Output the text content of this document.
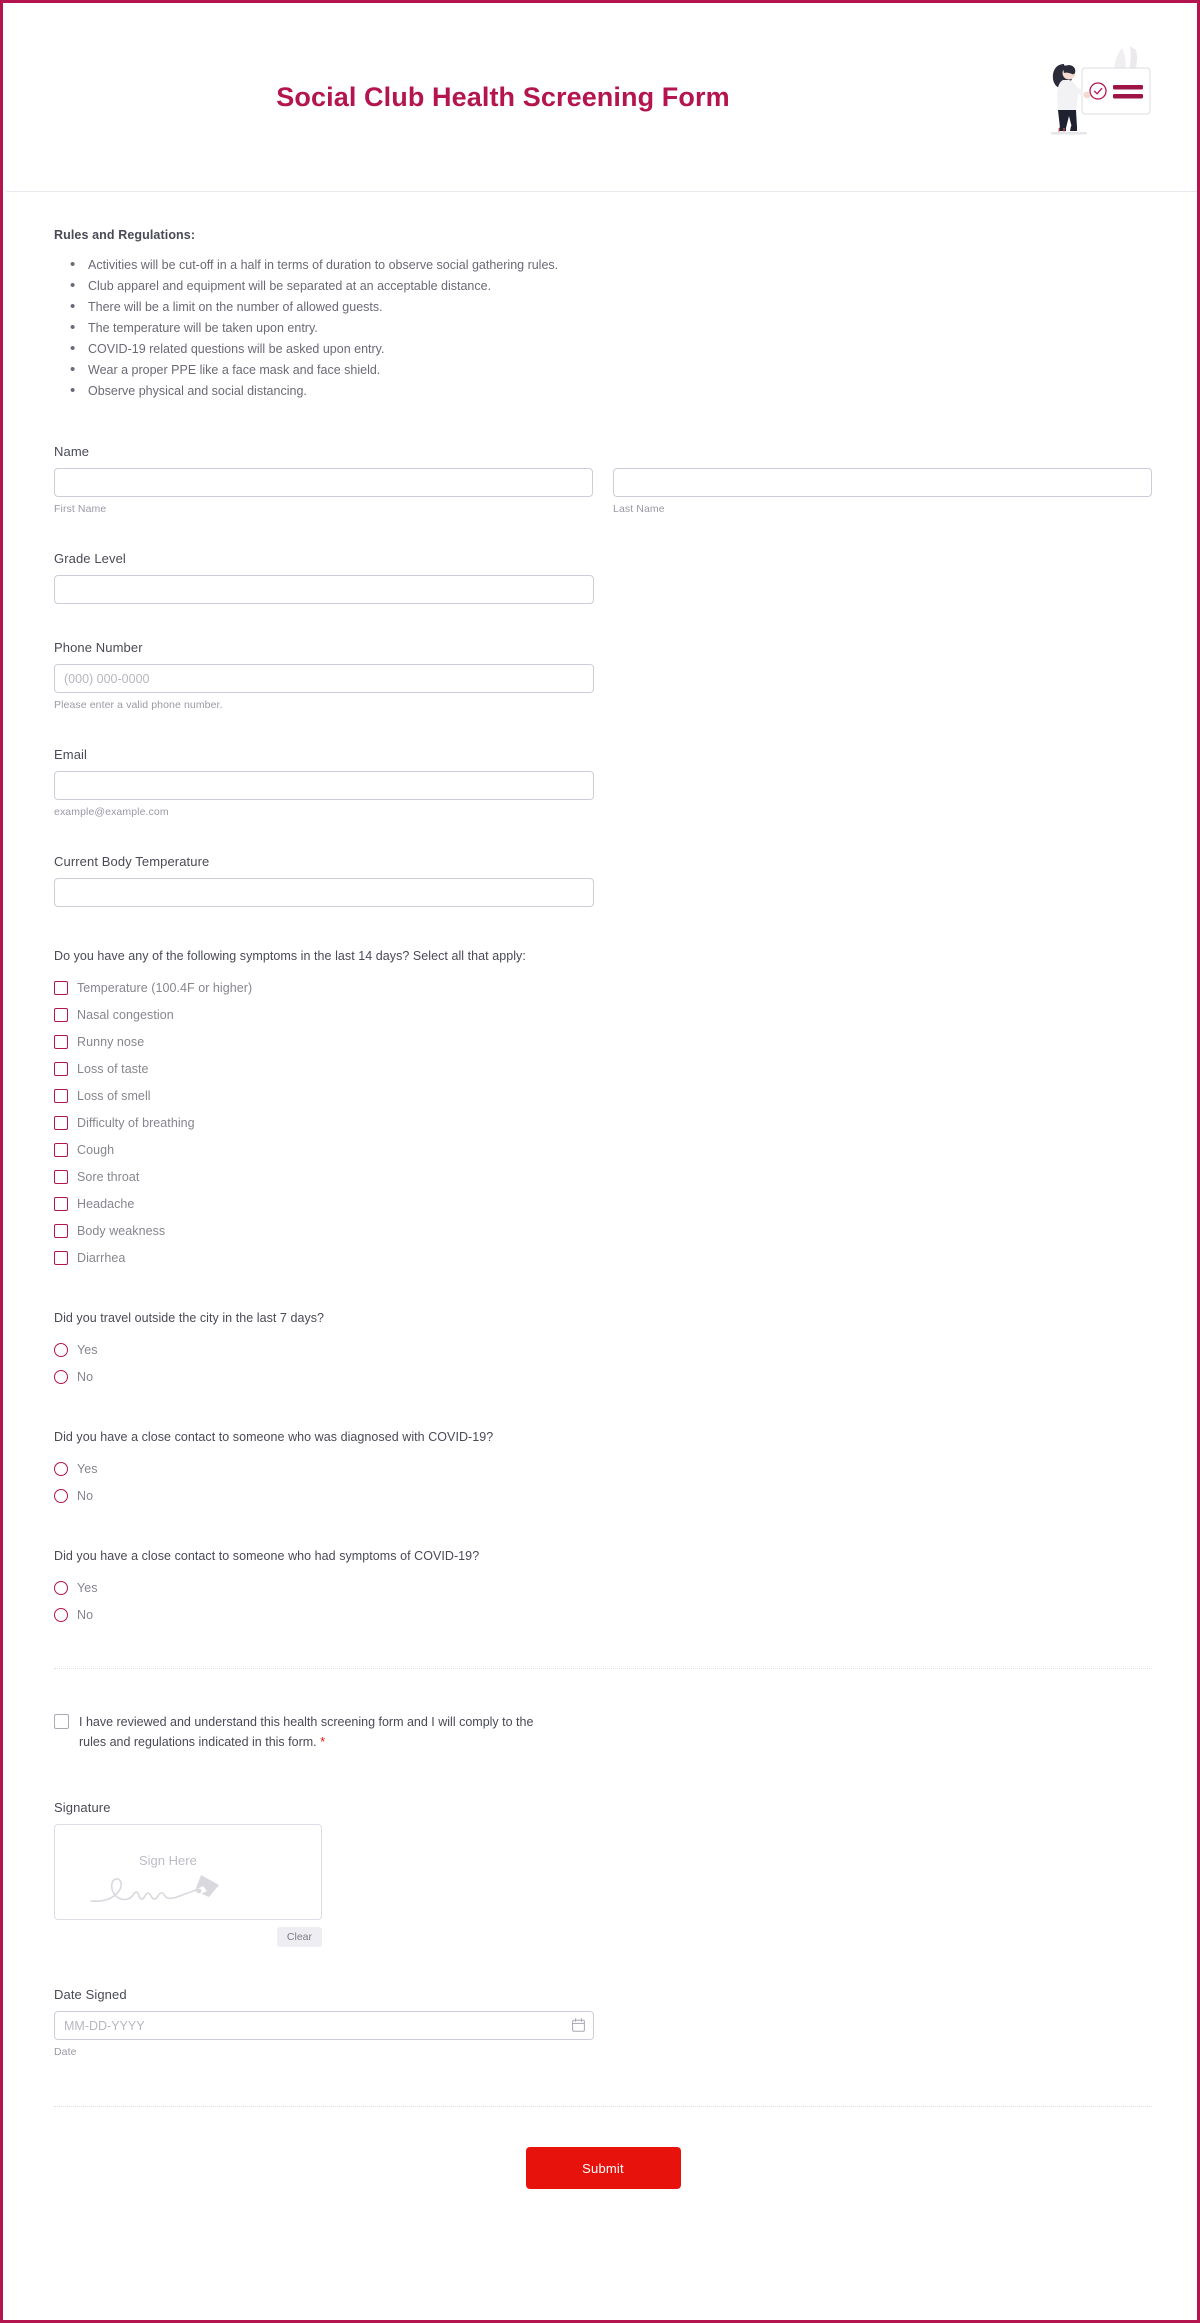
Social Club Health Screening Form
Rules and Regulations:
• Activities will be cut-off in a half in terms of duration to observe social gathering rules.
• Club apparel and equipment will be separated at an acceptable distance.
• There will be a limit on the number of allowed guests.
• The temperature will be taken upon entry.
• COVID-19 related questions will be asked upon entry.
• Wear a proper PPE like a face mask and face shield.
• Observe physical and social distancing.
Name
First Name	Last Name
Grade Level
Phone Number
(000) 000-0000
Please enter a valid phone number.
Email
example@example.com
Current Body Temperature
Do you have any of the following symptoms in the last 14 days? Select all that apply:
Temperature (100.4F or higher)
Nasal congestion
Runny nose
Loss of taste
Loss of smell
Difficulty of breathing
Cough
Sore throat
Headache
Body weakness
Diarrhea
Did you travel outside the city in the last 7 days?
Yes
No
Did you have a close contact to someone who was diagnosed with COVID-19?
Yes
No
Did you have a close contact to someone who had symptoms of COVID-19?
Yes
No
I have reviewed and understand this health screening form and I will comply to the rules and regulations indicated in this form. *
Signature
Sign Here
Clear
Date Signed
MM-DD-YYYY
Date
Submit
